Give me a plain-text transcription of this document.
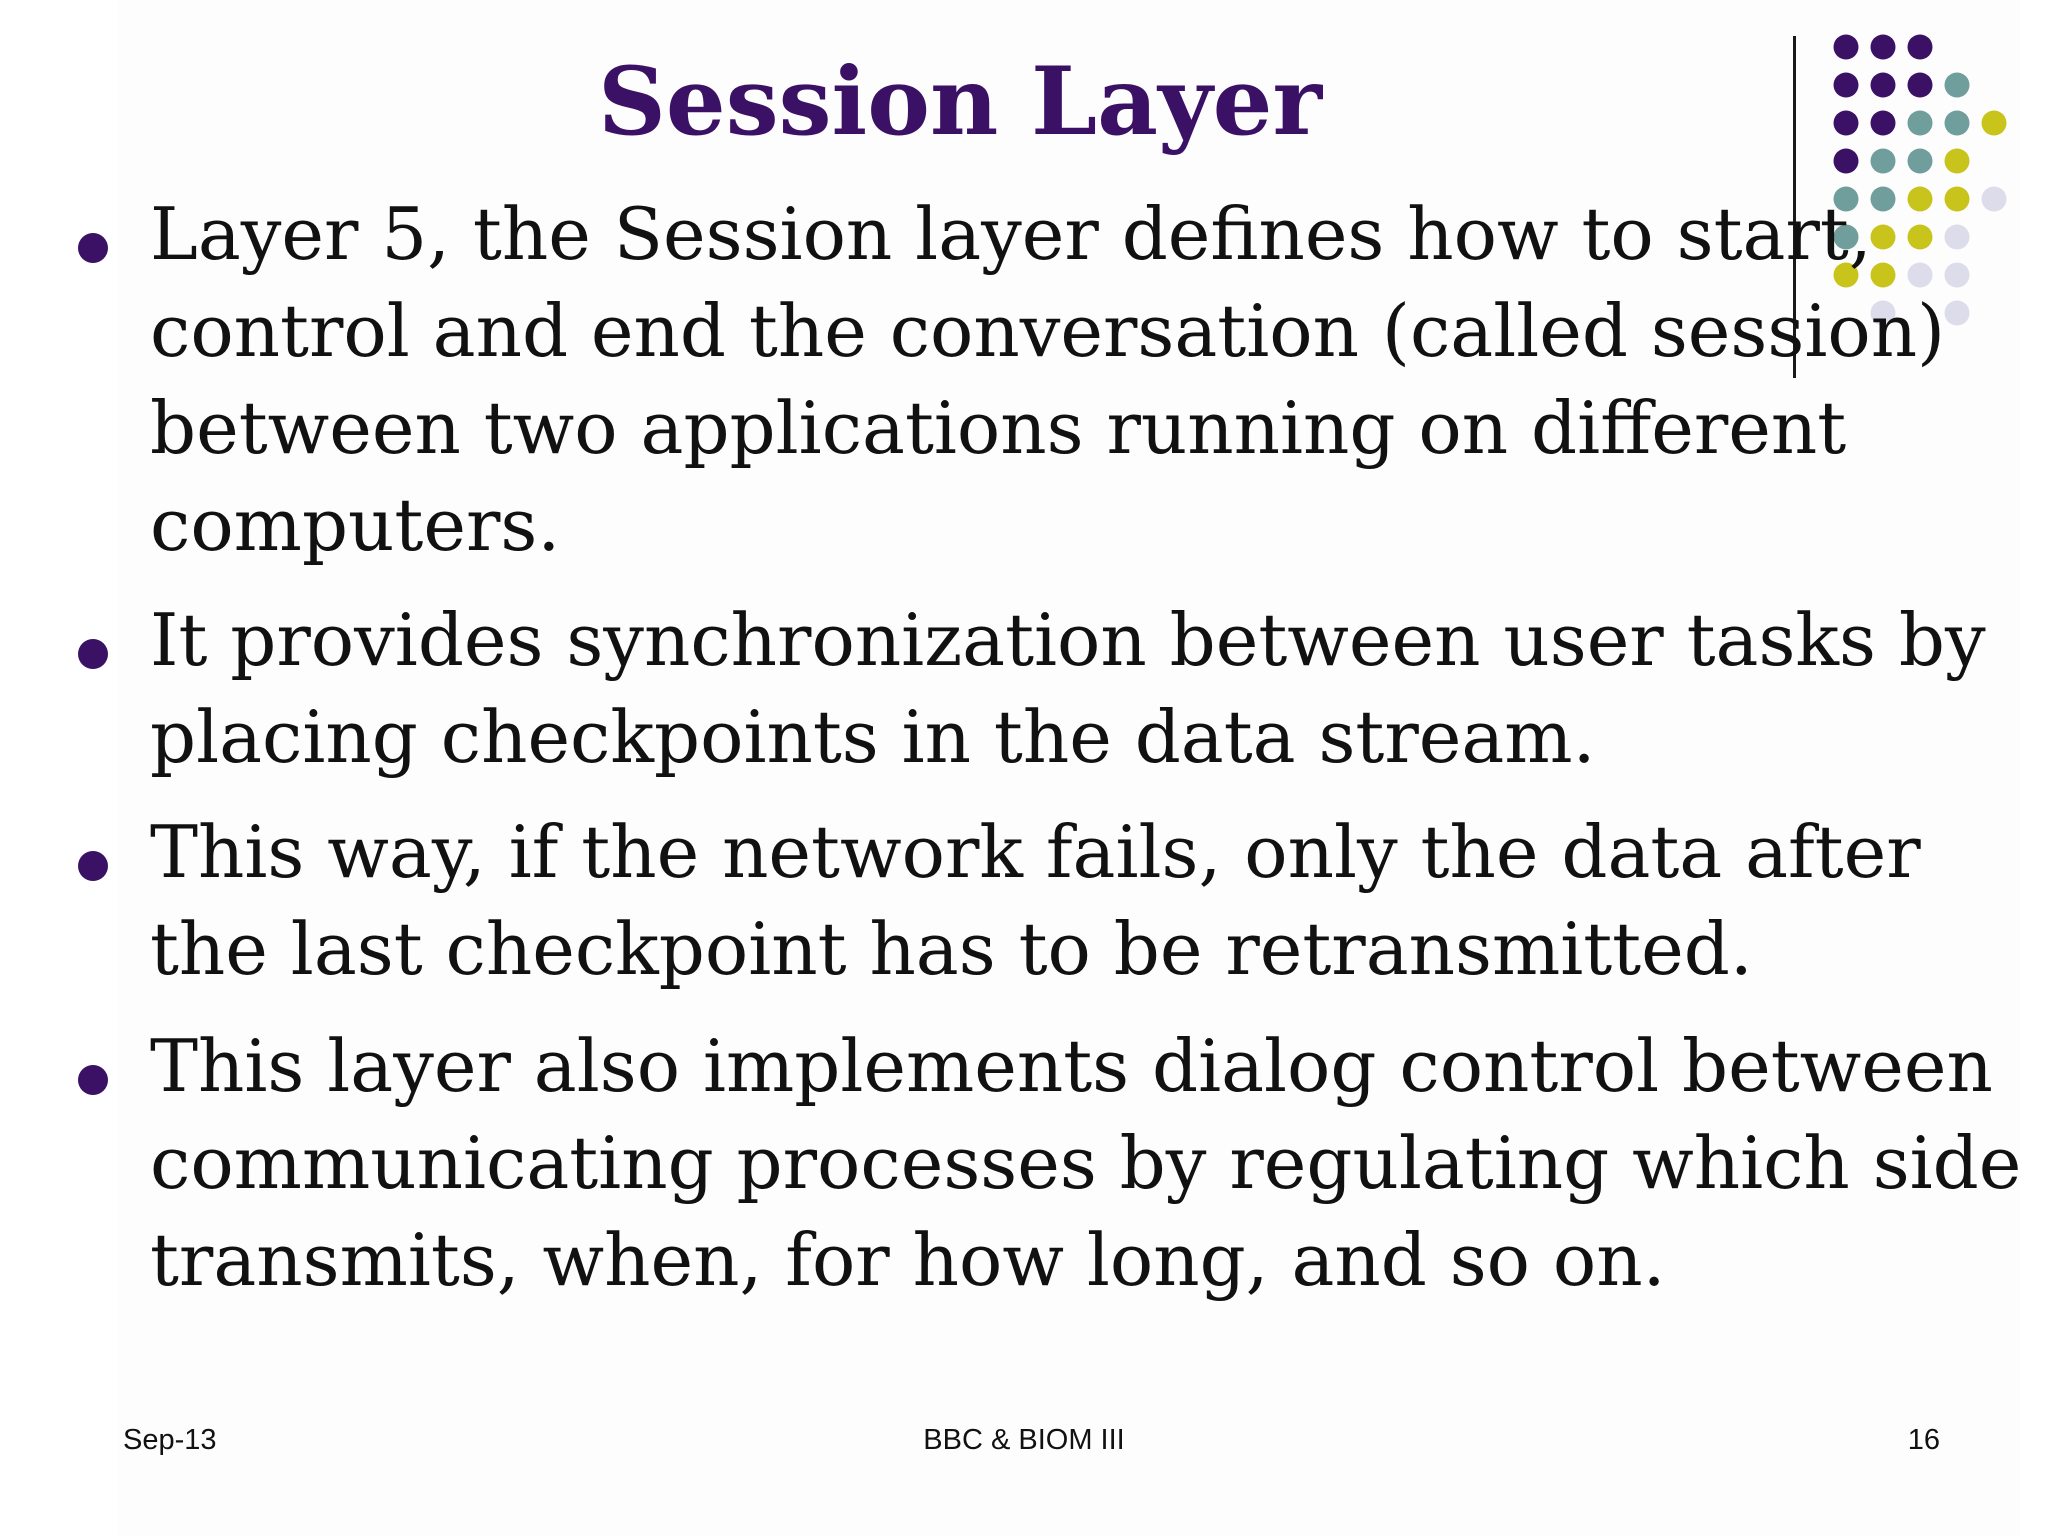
Session Layer

Layer 5, the Session layer defines how to start,
control and end the conversation (called session)
between two applications running on different
computers.

It provides synchronization between user tasks by
placing checkpoints in the data stream.

This way, if the network fails, only the data after
the last checkpoint has to be retransmitted.

This layer also implements dialog control between
communicating processes by regulating which side
transmits, when, for how long, and so on.

Sep-13	BBC & BIOM III	16
